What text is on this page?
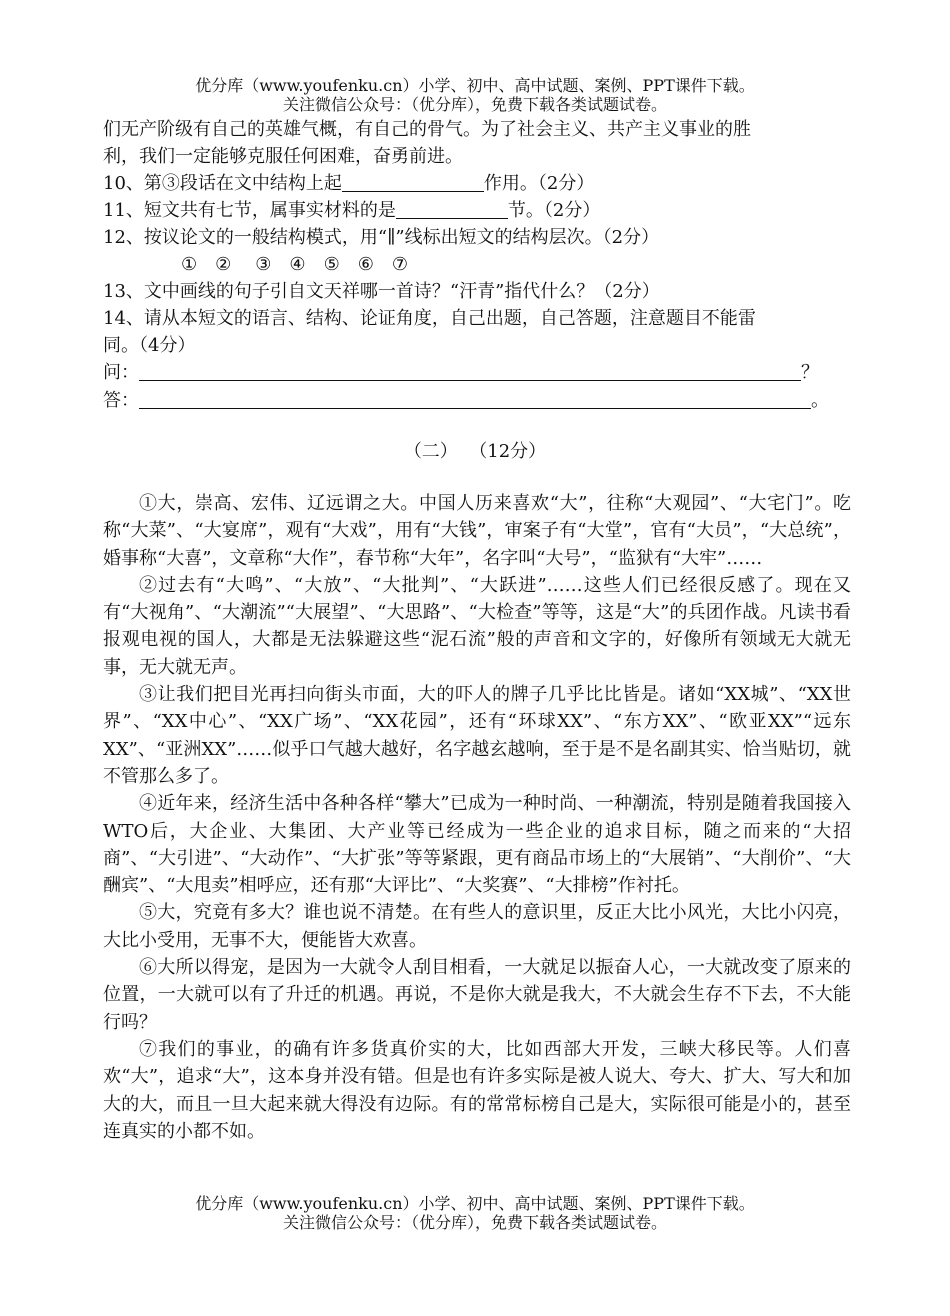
优分库（www.youfenku.cn）小学、初中、高中试题、案例、PPT课件下载。
关注微信公众号：（优分库），免费下载各类试题试卷。
们无产阶级有自己的英雄气概，有自己的骨气。为了社会主义、共产主义事业的胜
利，我们一定能够克服任何困难，奋勇前进。
10、第③段话在文中结构上起	作用。（2分）
11、短文共有七节，属事实材料的是	节。（2分）
12、按议论文的一般结构模式，用“∥”线标出短文的结构层次。（2分）
① ② ③ ④ ⑤ ⑥ ⑦
13、文中画线的句子引自文天祥哪一首诗？“汗青”指代什么？（2分）
14、请从本短文的语言、结构、论证角度，自己出题，自己答题，注意题目不能雷
同。（4分）
问：	？
答：	。
（二）  （12分）

①大，崇高、宏伟、辽远谓之大。中国人历来喜欢“大”，往称“大观园”、“大宅门”。吃称“大菜”、“大宴席”，观有“大戏”，用有“大钱”，审案子有“大堂”，官有“大员”，“大总统”，婚事称“大喜”，文章称“大作”，春节称“大年”，名字叫“大号”，“监狱有“大牢”……

②过去有“大鸣”、“大放”、“大批判”、“大跃进”……这些人们已经很反感了。现在又有“大视角”、“大潮流”“大展望”、“大思路”、“大检查”等等，这是“大”的兵团作战。凡读书看报观电视的国人，大都是无法躲避这些“泥石流”般的声音和文字的，好像所有领域无大就无事，无大就无声。

③让我们把目光再扫向街头市面，大的吓人的牌子几乎比比皆是。诸如“XX城”、“XX世界”、“XX中心”、“XX广场”、“XX花园”，还有“环球XX”、“东方XX”、“欧亚XX”“远东XX”、“亚洲XX”……似乎口气越大越好，名字越玄越响，至于是不是名副其实、恰当贴切，就不管那么多了。

④近年来，经济生活中各种各样“攀大”已成为一种时尚、一种潮流，特别是随着我国接入WTO后，大企业、大集团、大产业等已经成为一些企业的追求目标，随之而来的“大招商”、“大引进”、“大动作”、“大扩张”等等紧跟，更有商品市场上的“大展销”、“大削价”、“大酬宾”、“大甩卖”相呼应，还有那“大评比”、“大奖赛”、“大排榜”作衬托。

⑤大，究竟有多大？谁也说不清楚。在有些人的意识里，反正大比小风光，大比小闪亮，大比小受用，无事不大，便能皆大欢喜。

⑥大所以得宠，是因为一大就令人刮目相看，一大就足以振奋人心，一大就改变了原来的位置，一大就可以有了升迁的机遇。再说，不是你大就是我大，不大就会生存不下去，不大能行吗？

⑦我们的事业，的确有许多货真价实的大，比如西部大开发，三峡大移民等。人们喜欢“大”，追求“大”，这本身并没有错。但是也有许多实际是被人说大、夸大、扩大、写大和加大的大，而且一旦大起来就大得没有边际。有的常常标榜自己是大，实际很可能是小的，甚至连真实的小都不如。

优分库（www.youfenku.cn）小学、初中、高中试题、案例、PPT课件下载。
关注微信公众号：（优分库），免费下载各类试题试卷。
